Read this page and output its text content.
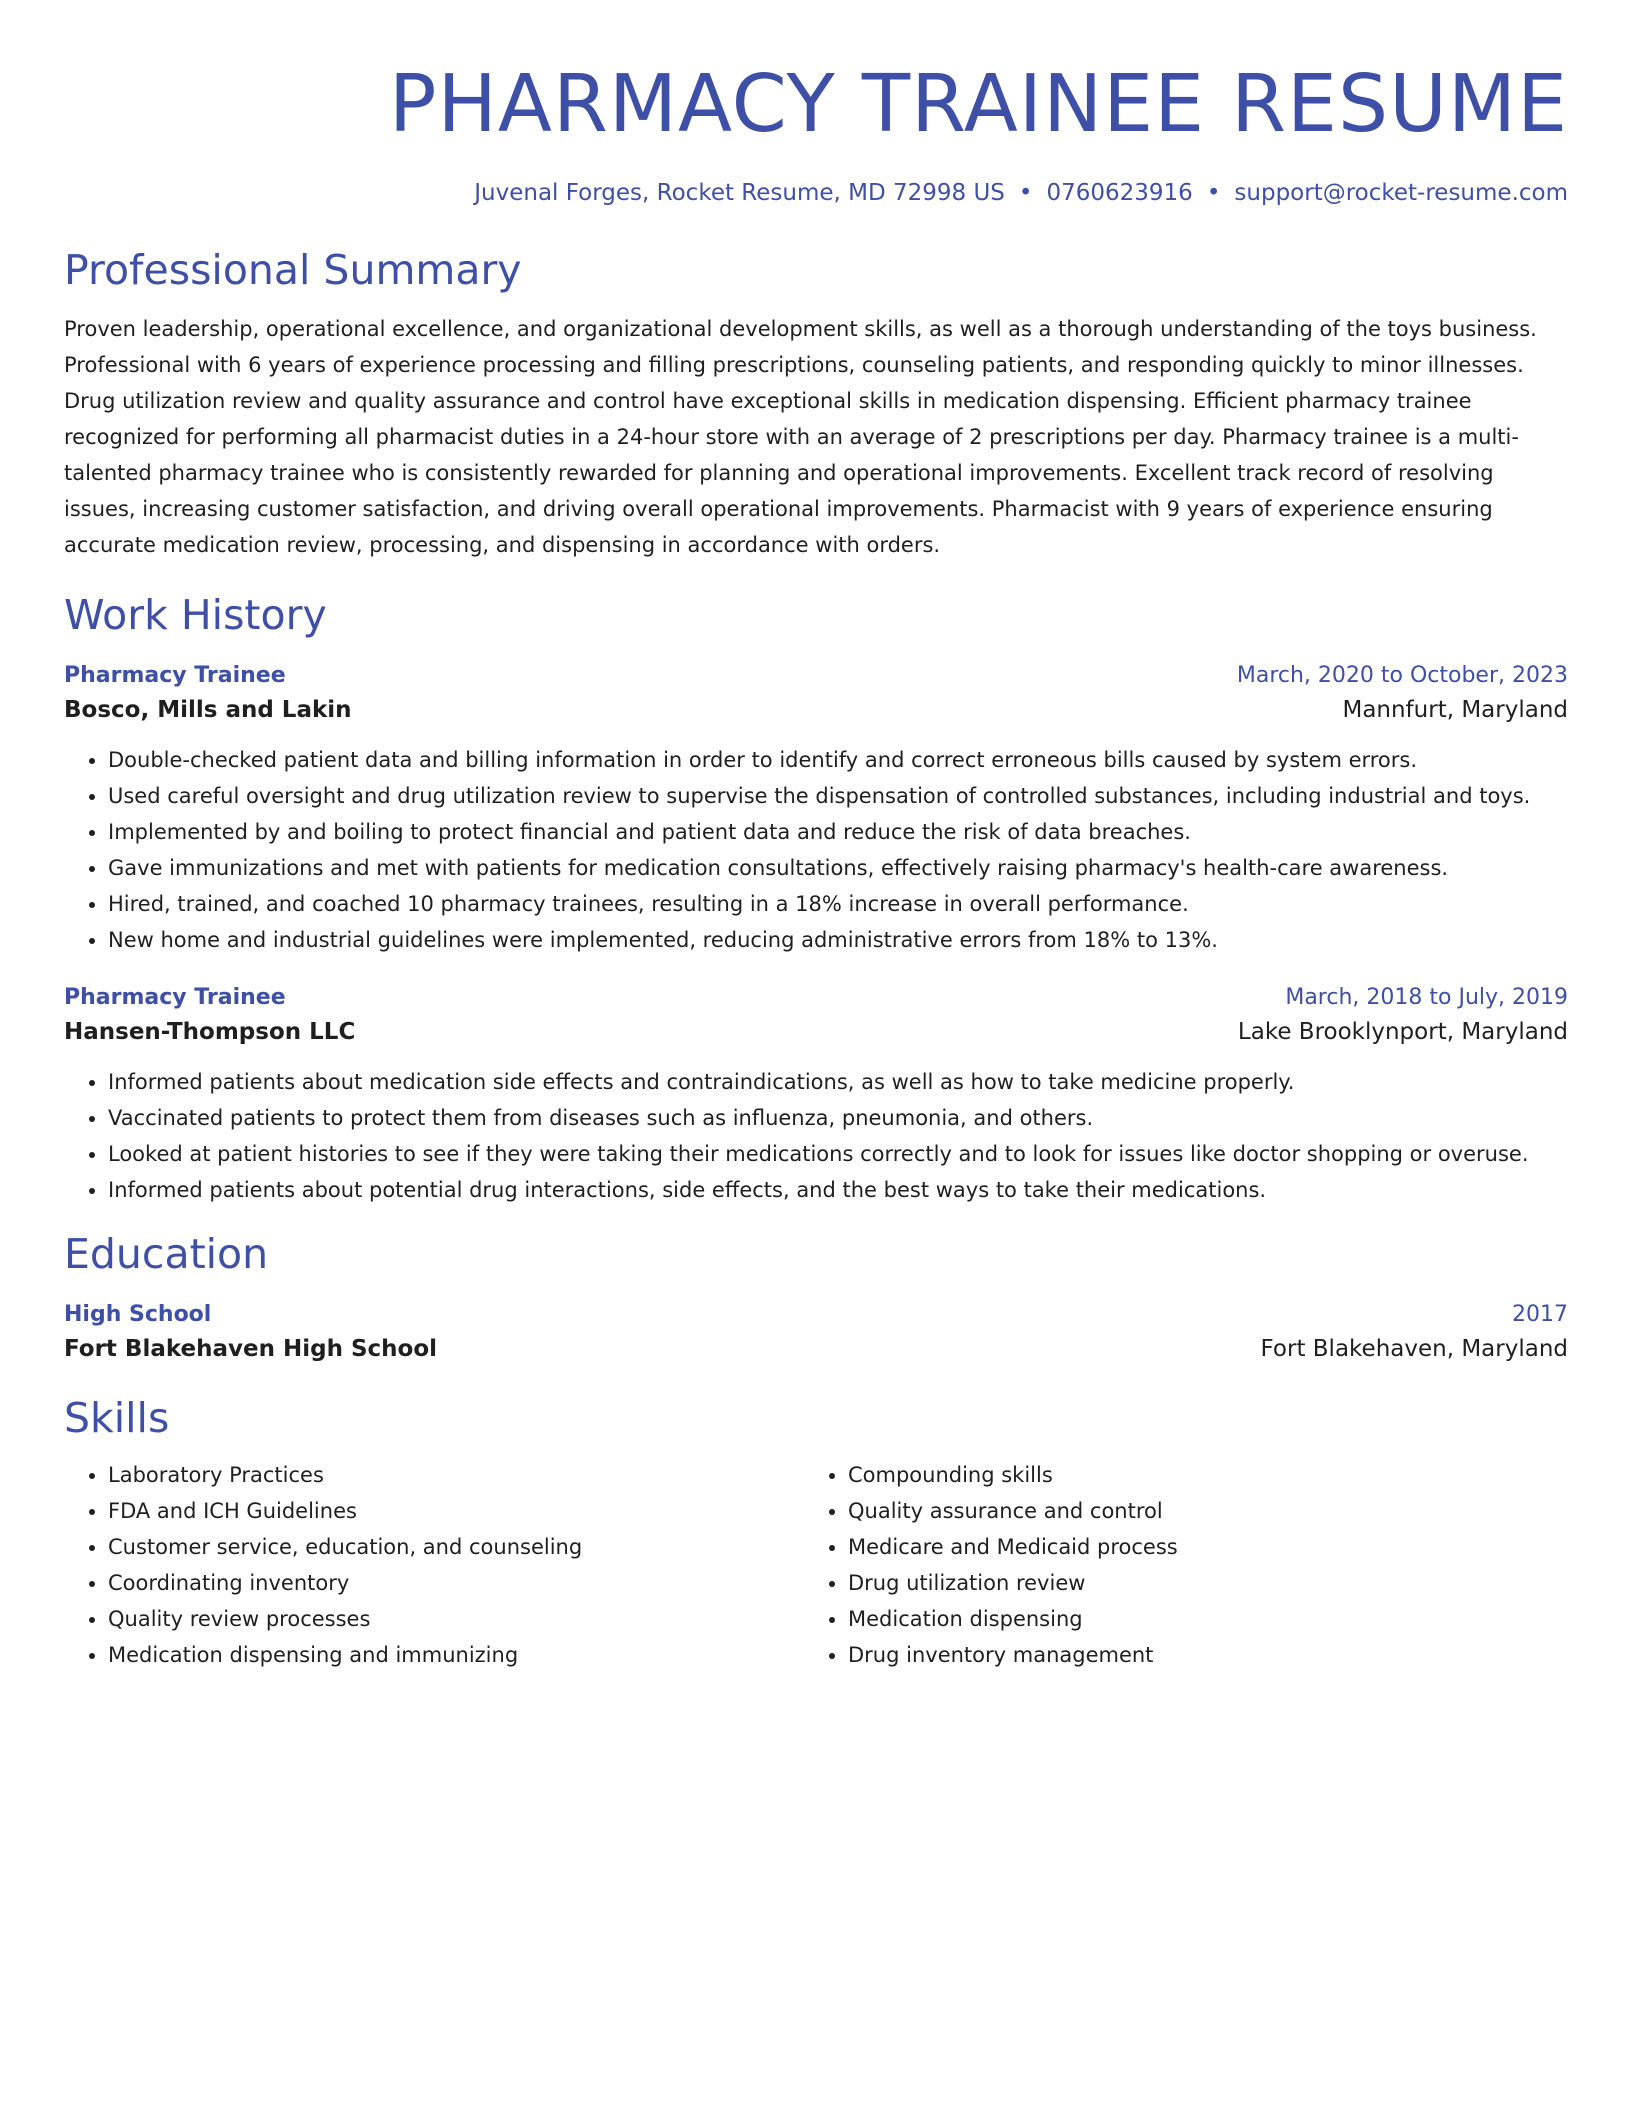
PHARMACY TRAINEE RESUME
Juvenal Forges, Rocket Resume, MD 72998 US • 0760623916 • support@rocket-resume.com
Professional Summary
Proven leadership, operational excellence, and organizational development skills, as well as a thorough understanding of the toys business. Professional with 6 years of experience processing and filling prescriptions, counseling patients, and responding quickly to minor illnesses. Drug utilization review and quality assurance and control have exceptional skills in medication dispensing. Efficient pharmacy trainee recognized for performing all pharmacist duties in a 24-hour store with an average of 2 prescriptions per day. Pharmacy trainee is a multi-talented pharmacy trainee who is consistently rewarded for planning and operational improvements. Excellent track record of resolving issues, increasing customer satisfaction, and driving overall operational improvements. Pharmacist with 9 years of experience ensuring accurate medication review, processing, and dispensing in accordance with orders.
Work History
Pharmacy Trainee	March, 2020 to October, 2023
Bosco, Mills and Lakin	Mannfurt, Maryland
• Double-checked patient data and billing information in order to identify and correct erroneous bills caused by system errors.
• Used careful oversight and drug utilization review to supervise the dispensation of controlled substances, including industrial and toys.
• Implemented by and boiling to protect financial and patient data and reduce the risk of data breaches.
• Gave immunizations and met with patients for medication consultations, effectively raising pharmacy's health-care awareness.
• Hired, trained, and coached 10 pharmacy trainees, resulting in a 18% increase in overall performance.
• New home and industrial guidelines were implemented, reducing administrative errors from 18% to 13%.
Pharmacy Trainee	March, 2018 to July, 2019
Hansen-Thompson LLC	Lake Brooklynport, Maryland
• Informed patients about medication side effects and contraindications, as well as how to take medicine properly.
• Vaccinated patients to protect them from diseases such as influenza, pneumonia, and others.
• Looked at patient histories to see if they were taking their medications correctly and to look for issues like doctor shopping or overuse.
• Informed patients about potential drug interactions, side effects, and the best ways to take their medications.
Education
High School	2017
Fort Blakehaven High School	Fort Blakehaven, Maryland
Skills
• Laboratory Practices
• FDA and ICH Guidelines
• Customer service, education, and counseling
• Coordinating inventory
• Quality review processes
• Medication dispensing and immunizing
• Compounding skills
• Quality assurance and control
• Medicare and Medicaid process
• Drug utilization review
• Medication dispensing
• Drug inventory management
